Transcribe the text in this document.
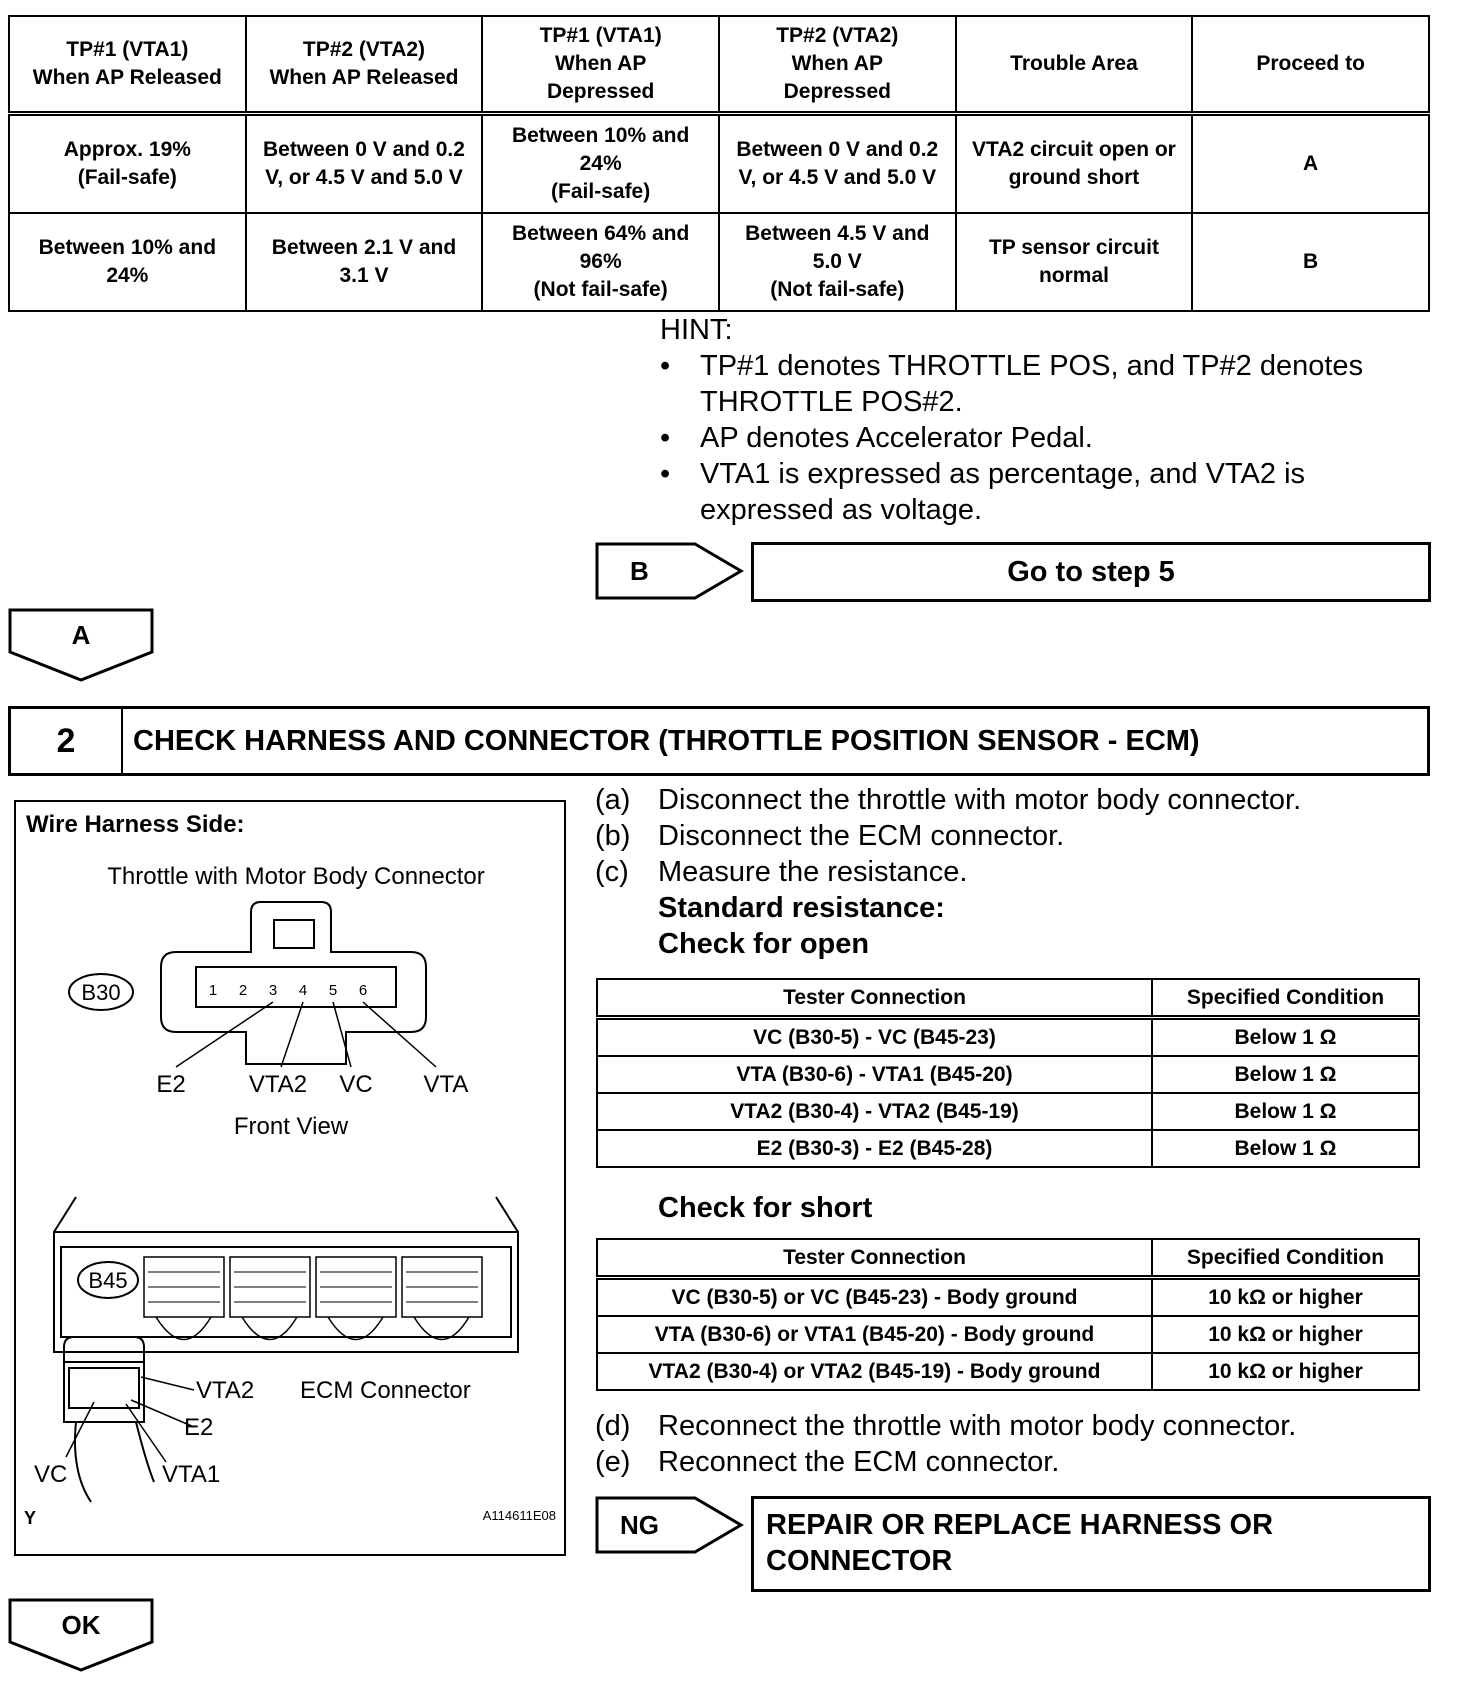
TP#1 (VTA1)
When AP Released	TP#2 (VTA2)
When AP Released	TP#1 (VTA1)
When AP
Depressed	TP#2 (VTA2)
When AP
Depressed	Trouble Area	Proceed to
Approx. 19%
(Fail-safe)	Between 0 V and 0.2
V, or 4.5 V and 5.0 V	Between 10% and
24%
(Fail-safe)	Between 0 V and 0.2
V, or 4.5 V and 5.0 V	VTA2 circuit open or
ground short	A
Between 10% and
24%	Between 2.1 V and
3.1 V	Between 64% and
96%
(Not fail-safe)	Between 4.5 V and
5.0 V
(Not fail-safe)	TP sensor circuit
normal	B
HINT:
• TP#1 denotes THROTTLE POS, and TP#2 denotes THROTTLE POS#2.
• AP denotes Accelerator Pedal.
• VTA1 is expressed as percentage, and VTA2 is expressed as voltage.
B	Go to step 5
A
2	CHECK HARNESS AND CONNECTOR (THROTTLE POSITION SENSOR - ECM)
Wire Harness Side:
Throttle with Motor Body Connector
B30	1 2 3 4 5 6
E2	VTA2 VC VTA
Front View
B45
VTA2
E2
VC	VTA1
ECM Connector
Y	A114611E08
(a) Disconnect the throttle with motor body connector.
(b) Disconnect the ECM connector.
(c)	Measure the resistance.
Standard resistance:
Check for open
Tester Connection	Specified Condition
VC (B30-5) - VC (B45-23)	Below 1 Ω
VTA (B30-6) - VTA1 (B45-20)	Below 1 Ω
VTA2 (B30-4) - VTA2 (B45-19)	Below 1 Ω
E2 (B30-3) - E2 (B45-28)	Below 1 Ω
Check for short
Tester Connection	Specified Condition
VC (B30-5) or VC (B45-23) - Body ground	10 kΩ or higher
VTA (B30-6) or VTA1 (B45-20) - Body ground	10 kΩ or higher
VTA2 (B30-4) or VTA2 (B45-19) - Body ground	10 kΩ or higher
(d) Reconnect the throttle with motor body connector.
(e) Reconnect the ECM connector.
NG	REPAIR OR REPLACE HARNESS OR CONNECTOR
OK
